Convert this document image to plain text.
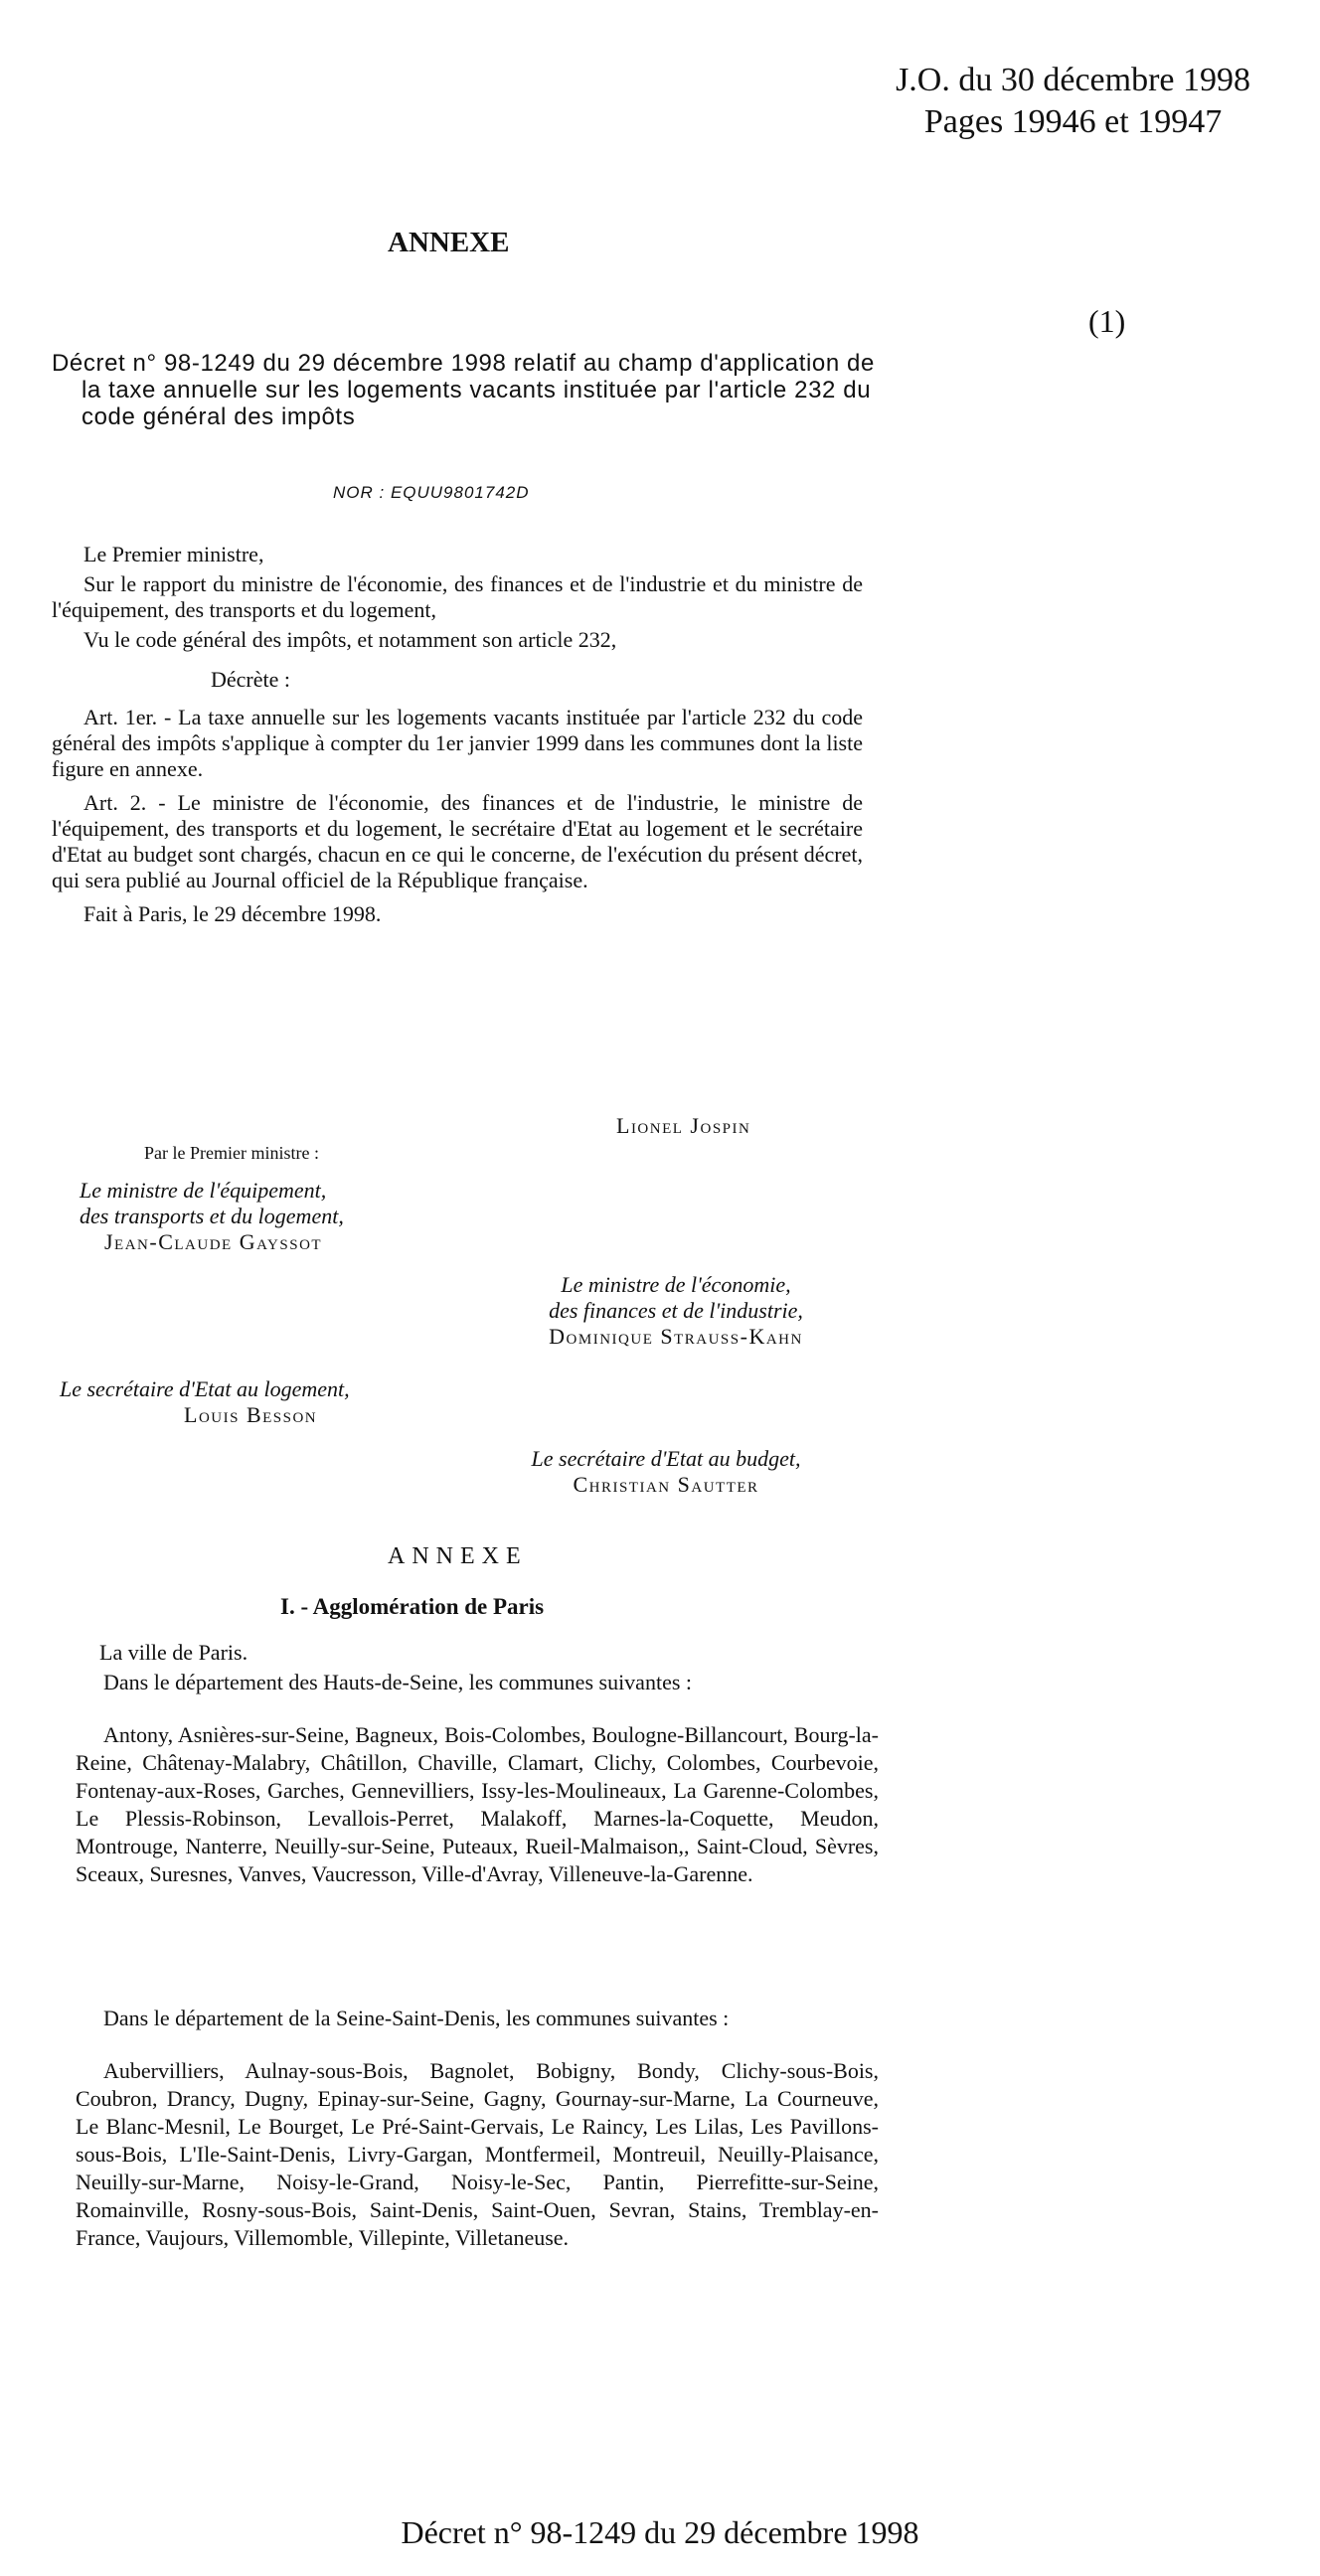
J.O. du 30 décembre 1998
Pages 19946 et 19947
(1)
ANNEXE
Décret n° 98-1249 du 29 décembre 1998 relatif au champ d'application de la taxe annuelle sur les logements vacants instituée par l'article 232 du code général des impôts
NOR : EQUU9801742D

Le Premier ministre,

Sur le rapport du ministre de l'économie, des finances et de l'industrie et du ministre de l'équipement, des transports et du logement,

Vu le code général des impôts, et notamment son article 232,

Décrète :

Art. 1er. - La taxe annuelle sur les logements vacants instituée par l'article 232 du code général des impôts s'applique à compter du 1er janvier 1999 dans les communes dont la liste figure en annexe.

Art. 2. - Le ministre de l'économie, des finances et de l'industrie, le ministre de l'équipement, des transports et du logement, le secrétaire d'Etat au logement et le secrétaire d'Etat au budget sont chargés, chacun en ce qui le concerne, de l'exécution du présent décret, qui sera publié au Journal officiel de la République française.

Fait à Paris, le 29 décembre 1998.

Lionel Jospin
Par le Premier ministre :
Le ministre de l'équipement,
des transports et du logement,
Jean-Claude Gayssot
Le ministre de l'économie,
des finances et de l'industrie,
Dominique Strauss-Kahn
Le secrétaire d'Etat au logement,
Louis Besson
Le secrétaire d'Etat au budget,
Christian Sautter
ANNEXE
I. - Agglomération de Paris
La ville de Paris.

Dans le département des Hauts-de-Seine, les communes suivantes :

Antony, Asnières-sur-Seine, Bagneux, Bois-Colombes, Boulogne-Billancourt, Bourg-la-Reine, Châtenay-Malabry, Châtillon, Chaville, Clamart, Clichy, Colombes, Courbevoie, Fontenay-aux-Roses, Garches, Gennevilliers, Issy-les-Moulineaux, La Garenne-Colombes, Le Plessis-Robinson, Levallois-Perret, Malakoff, Marnes-la-Coquette, Meudon, Montrouge, Nanterre, Neuilly-sur-Seine, Puteaux, Rueil-Malmaison,, Saint-Cloud, Sèvres, Sceaux, Suresnes, Vanves, Vaucresson, Ville-d'Avray, Villeneuve-la-Garenne.

Dans le département de la Seine-Saint-Denis, les communes suivantes :

Aubervilliers, Aulnay-sous-Bois, Bagnolet, Bobigny, Bondy, Clichy-sous-Bois, Coubron, Drancy, Dugny, Epinay-sur-Seine, Gagny, Gournay-sur-Marne, La Courneuve, Le Blanc-Mesnil, Le Bourget, Le Pré-Saint-Gervais, Le Raincy, Les Lilas, Les Pavillons-sous-Bois, L'Ile-Saint-Denis, Livry-Gargan, Montfermeil, Montreuil, Neuilly-Plaisance, Neuilly-sur-Marne, Noisy-le-Grand, Noisy-le-Sec, Pantin, Pierrefitte-sur-Seine, Romainville, Rosny-sous-Bois, Saint-Denis, Saint-Ouen, Sevran, Stains, Tremblay-en-France, Vaujours, Villemomble, Villepinte, Villetaneuse.

Décret n° 98-1249 du 29 décembre 1998
